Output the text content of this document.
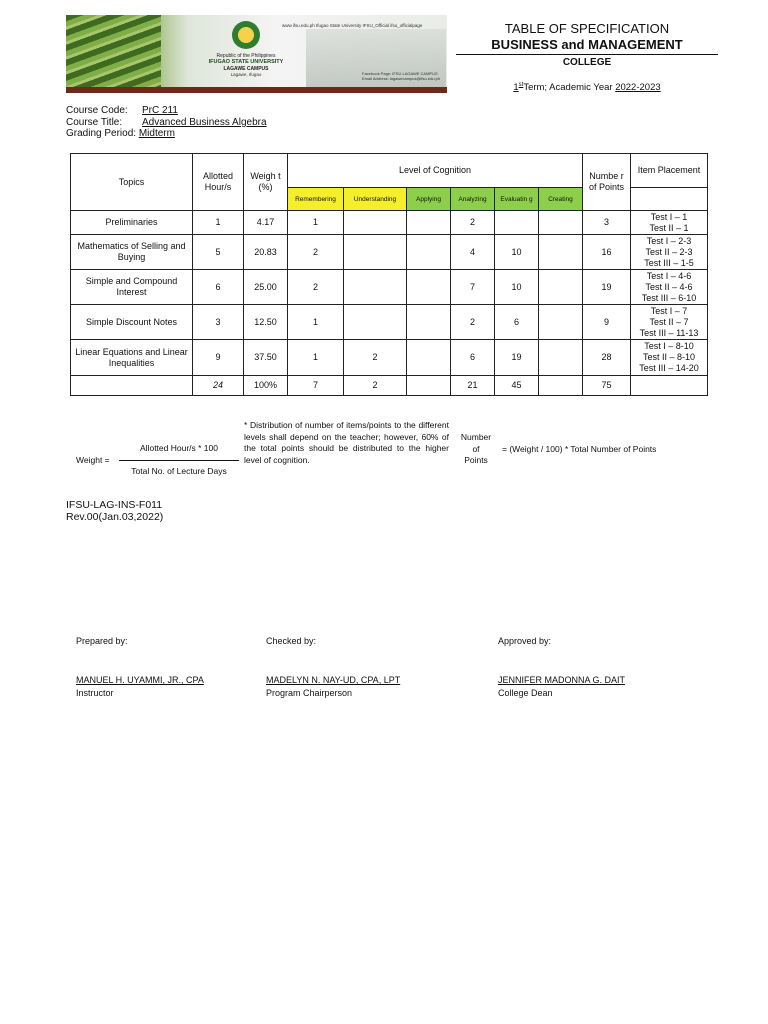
Republic of the Philippines
IFUGAO STATE UNIVERSITY
LAGAWE CAMPUS
Lagawe, Ifugao
www.ifsu.edu.ph Ifugao State University IFSU_Official ifsu_officialpage
Facebook Page: IFSU LAGAWE CAMPUS
Email Address: lagawecampus@ifsu.edu.ph
TABLE OF SPECIFICATION
BUSINESS and MANAGEMENT
COLLEGE
1stTerm; Academic Year 2022-2023
Course Code: PrC 211
Course Title: Advanced Business Algebra
Grading Period: Midterm
Topics	Allotted Hour/s	Weigh t (%)	Level of Cognition						Numbe r of Points	Item Placement
			Remembering	Understanding	Applying	Analyzing	Evaluatin g	Creating		
Preliminaries	1	4.17	1			2			3	Test I – 1
Test II – 1

Mathematics of Selling and Buying	5	20.83	2			4	10		16	Test I – 2-3
Test II – 2-3
Test III – 1-5

Simple and Compound Interest	6	25.00	2			7	10		19	Test I – 4-6
Test II – 4-6
Test III – 6-10

Simple Discount Notes	3	12.50	1			2	6		9	Test I – 7
Test II – 7
Test III – 11-13

Linear Equations and Linear Inequalities	9	37.50	1	2		6	19		28	Test I – 8-10
Test II – 8-10
Test III – 14-20

	24	100%	7	2		21	45		75	
Weight =
Allotted Hour/s * 100
Total No. of Lecture Days
* Distribution of number of items/points to the different levels shall depend on the teacher; however, 60% of the total points should be distributed to the higher level of cognition.
Number
of
Points
= (Weight / 100) * Total Number of Points
IFSU-LAG-INS-F011
Rev.00(Jan.03,2022)
Prepared by:
MANUEL H. UYAMMI, JR., CPA
Instructor
Checked by:
MADELYN N. NAY-UD, CPA, LPT
Program Chairperson
Approved by:
JENNIFER MADONNA G. DAIT
College Dean
